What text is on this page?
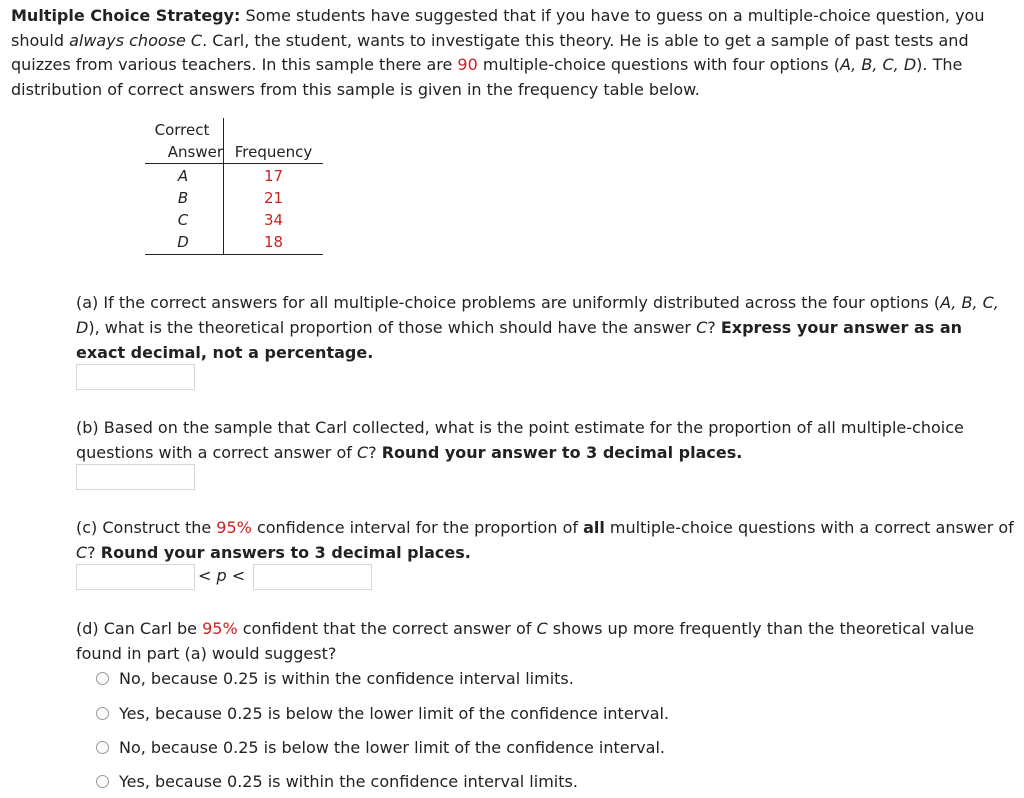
Multiple Choice Strategy: Some students have suggested that if you have to guess on a multiple-choice question, you should always choose C. Carl, the student, wants to investigate this theory. He is able to get a sample of past tests and quizzes from various teachers. In this sample there are 90 multiple-choice questions with four options (A, B, C, D). The distribution of correct answers from this sample is given in the frequency table below.
Correct
Answer Frequency
A	17
B	21
C	34
D	18
(a) If the correct answers for all multiple-choice problems are uniformly distributed across the four options (A, B, C, D), what is the theoretical proportion of those which should have the answer C? Express your answer as an exact decimal, not a percentage.
(b) Based on the sample that Carl collected, what is the point estimate for the proportion of all multiple-choice questions with a correct answer of C? Round your answer to 3 decimal places.
(c) Construct the 95% confidence interval for the proportion of all multiple-choice questions with a correct answer of C? Round your answers to 3 decimal places.
< p <
(d) Can Carl be 95% confident that the correct answer of C shows up more frequently than the theoretical value found in part (a) would suggest?
No, because 0.25 is within the confidence interval limits.
Yes, because 0.25 is below the lower limit of the confidence interval.
No, because 0.25 is below the lower limit of the confidence interval.
Yes, because 0.25 is within the confidence interval limits.
